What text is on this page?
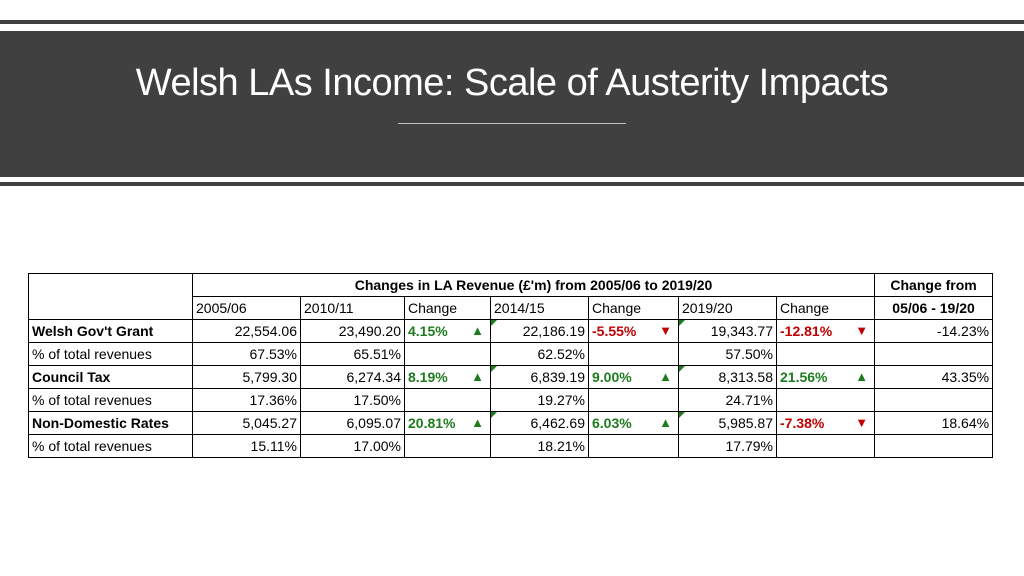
Welsh LAs Income: Scale of Austerity Impacts
	Changes in LA Revenue (£'m) from 2005/06 to 2019/20							Change from
	2005/06	2010/11	Change	2014/15	Change	2019/20	Change	05/06 - 19/20
Welsh Gov't Grant	22,554.06	23,490.20	4.15% ▲	22,186.19	-5.55% ▼	19,343.77	-12.81% ▼	-14.23%
% of total revenues	67.53%	65.51%		62.52%		57.50%		
Council Tax	5,799.30	6,274.34	8.19% ▲	6,839.19	9.00% ▲	8,313.58	21.56% ▲	43.35%
% of total revenues	17.36%	17.50%		19.27%		24.71%		
Non-Domestic Rates	5,045.27	6,095.07	20.81% ▲	6,462.69	6.03% ▲	5,985.87	-7.38% ▼	18.64%
% of total revenues	15.11%	17.00%		18.21%		17.79%		
